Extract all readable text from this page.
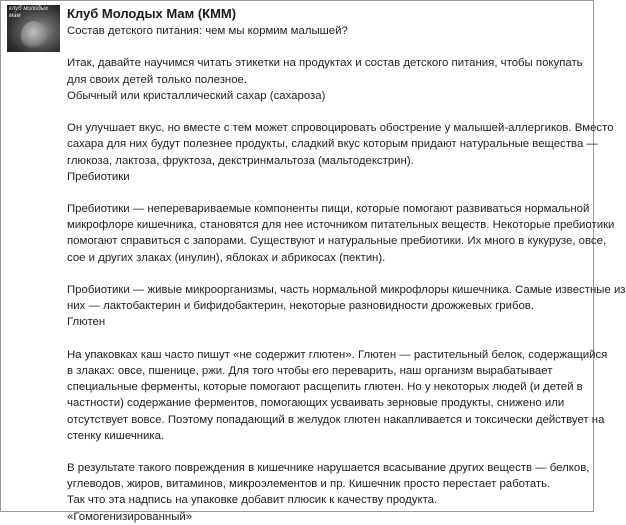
клуб молодых
мам	Клуб Молодых Мам (КММ)
Состав детского питания: чем мы кормим малышей?
Итак, давайте научимся читать этикетки на продуктах и состав детского питания, чтобы покупать
для своих детей только полезное.
Обычный или кристаллический сахар (сахароза)
Он улучшает вкус, но вместе с тем может спровоцировать обострение у малышей-аллергиков. Вместо
сахара для них будут полезнее продукты, сладкий вкус которым придают натуральные вещества —
глюкоза, лактоза, фруктоза, декстринмальтоза (мальтодекстрин).
Пребиотики
Пребиотики — неперевариваемые компоненты пищи, которые помогают развиваться нормальной
микрофлоре кишечника, становятся для нее источником питательных веществ. Некоторые пребиотики
помогают справиться с запорами. Существуют и натуральные пребиотики. Их много в кукурузе, овсе,
сое и других злаках (инулин), яблоках и абрикосах (пектин).
Пробиотики — живые микроорганизмы, часть нормальной микрофлоры кишечника. Самые известные из
них — лактобактерин и бифидобактерин, некоторые разновидности дрожжевых грибов.
Глютен
На упаковках каш часто пишут «не содержит глютен». Глютен — растительный белок, содержащийся
в злаках: овсе, пшенице, ржи. Для того чтобы его переварить, наш организм вырабатывает
специальные ферменты, которые помогают расщепить глютен. Но у некоторых людей (и детей в
частности) содержание ферментов, помогающих усваивать зерновые продукты, снижено или
отсутствует вовсе. Поэтому попадающий в желудок глютен накапливается и токсически действует на
стенку кишечника.
В результате такого повреждения в кишечнике нарушается всасывание других веществ — белков,
углеводов, жиров, витаминов, микроэлементов и пр. Кишечник просто перестает работать.
Так что эта надпись на упаковке добавит плюсик к качеству продукта.
«Гомогенизированный»
